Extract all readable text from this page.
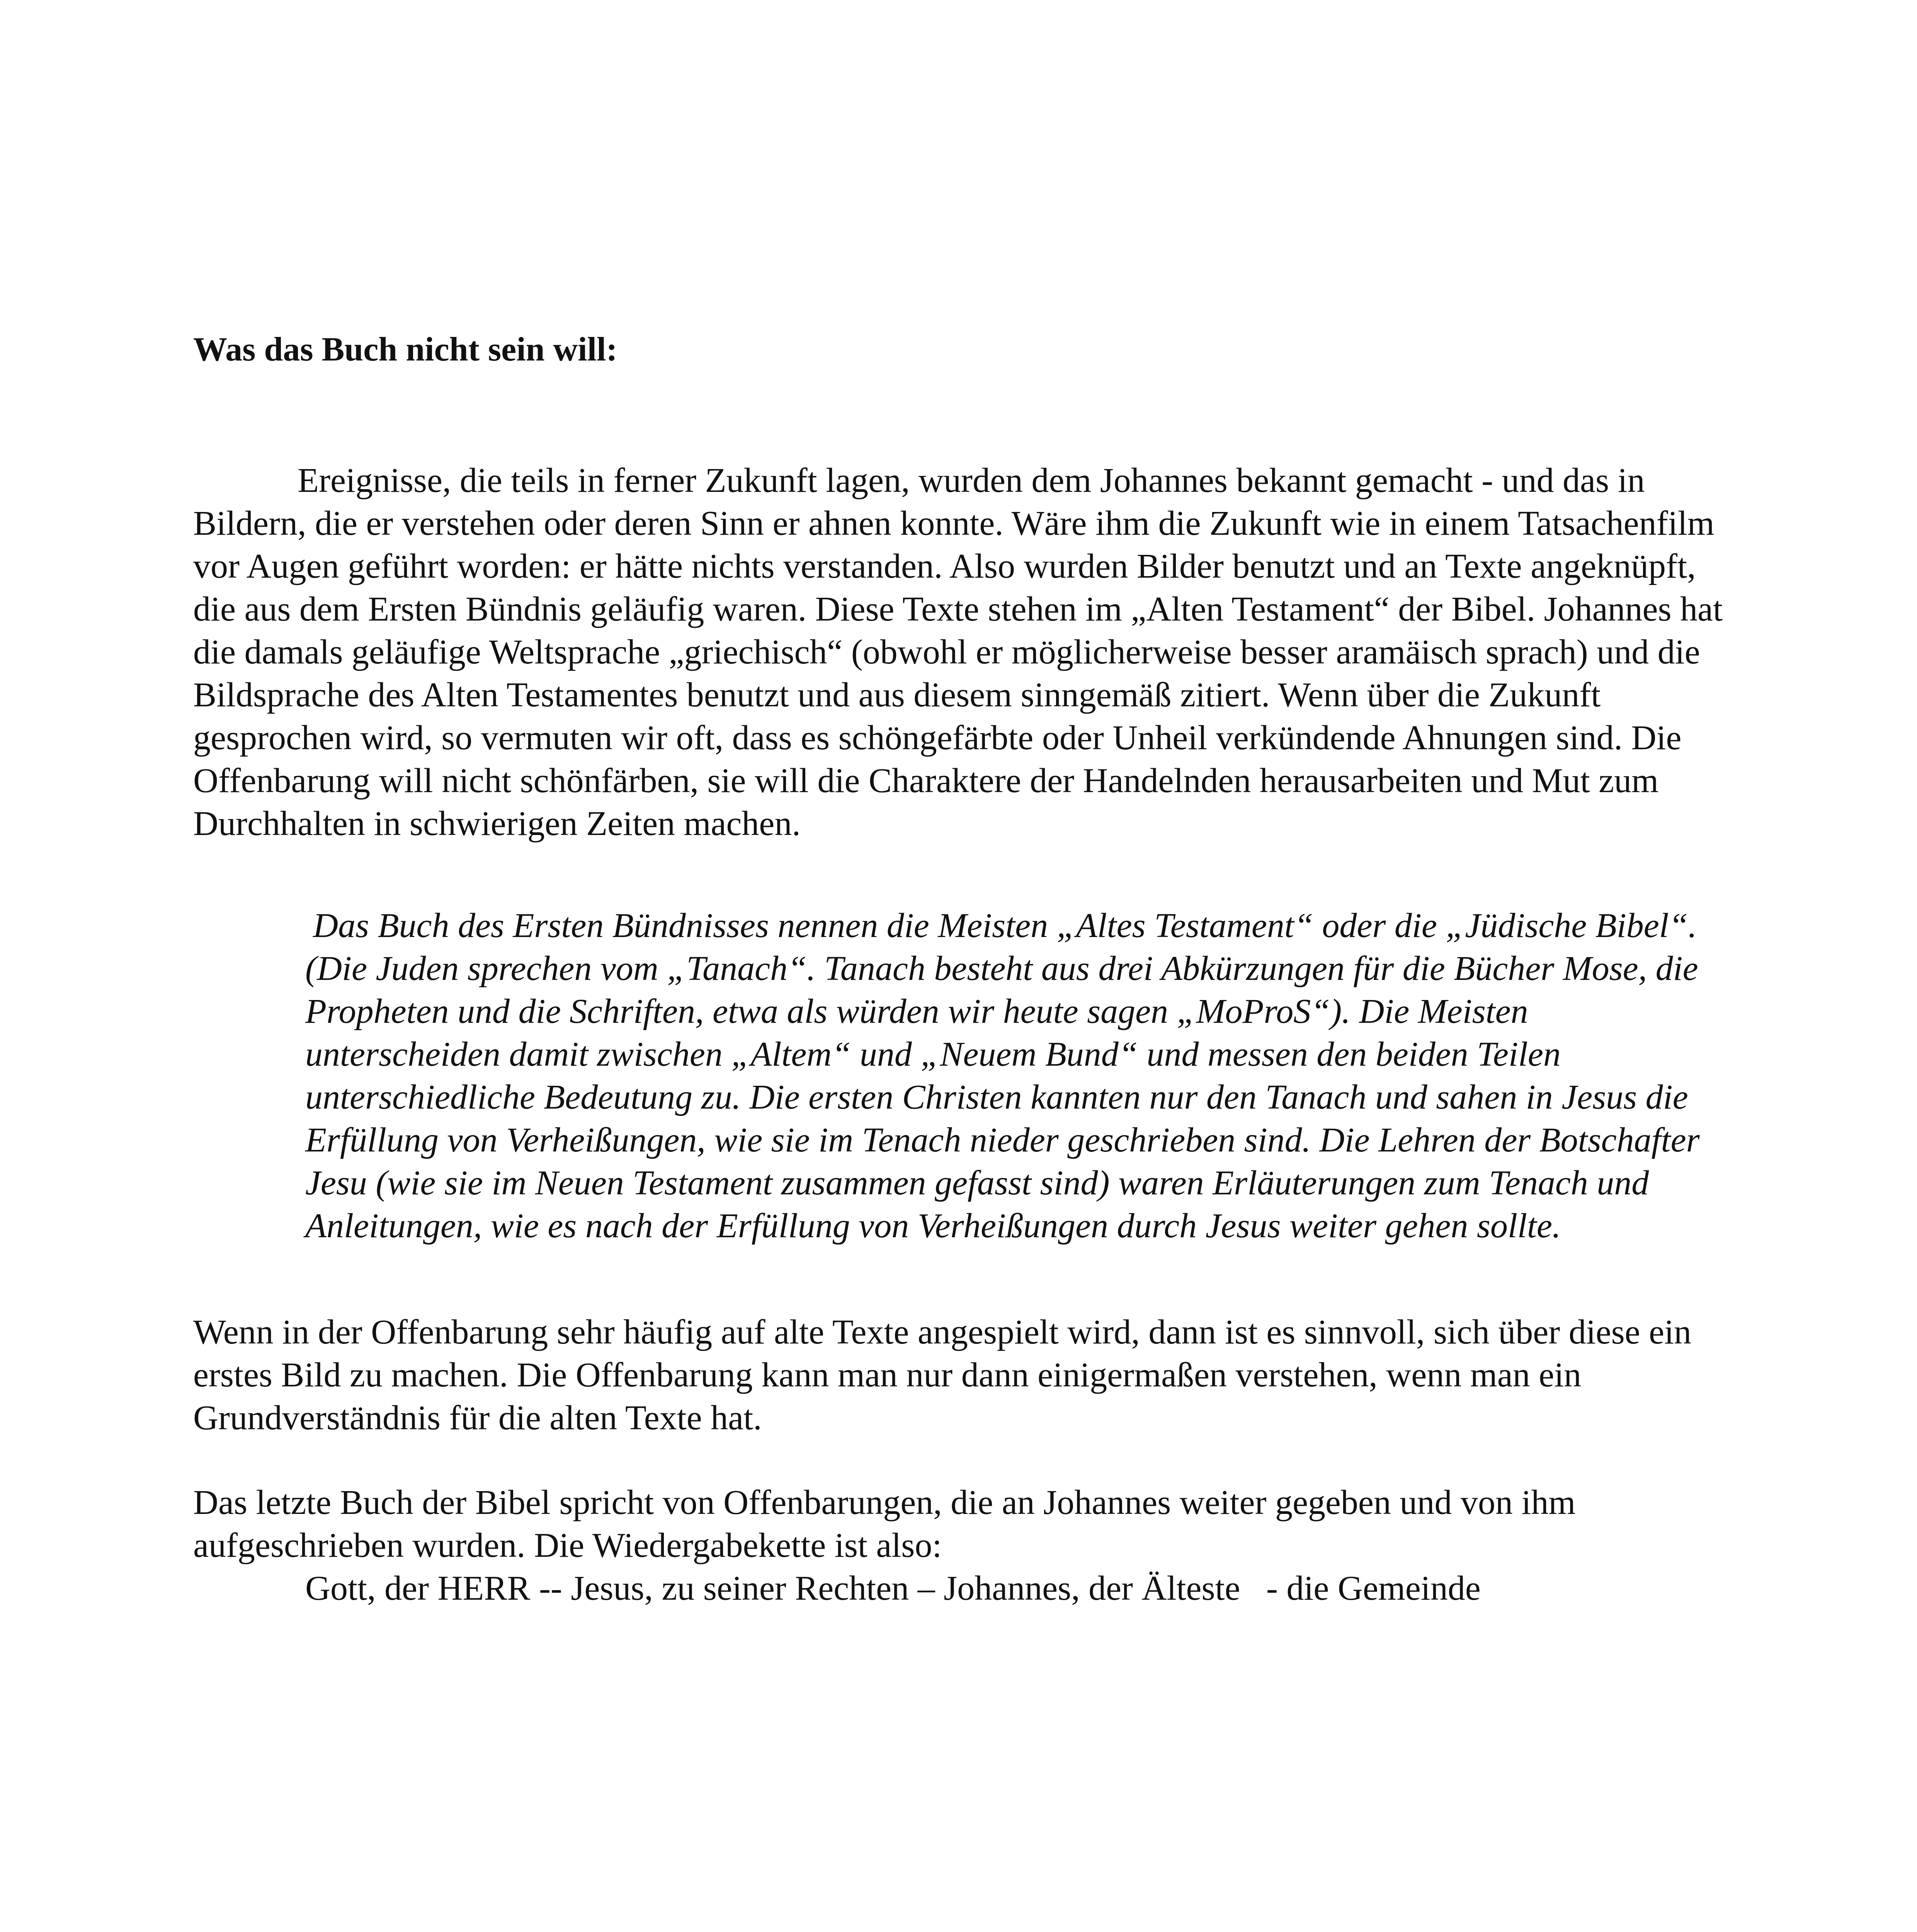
Was das Buch nicht sein will:

Ereignisse, die teils in ferner Zukunft lagen, wurden dem Johannes bekannt gemacht - und das in Bildern, die er verstehen oder deren Sinn er ahnen konnte. Wäre ihm die Zukunft wie in einem Tatsachenfilm vor Augen geführt worden: er hätte nichts verstanden. Also wurden Bilder benutzt und an Texte angeknüpft, die aus dem Ersten Bündnis geläufig waren. Diese Texte stehen im „Alten Testament“ der Bibel. Johannes hat die damals geläufige Weltsprache „griechisch“ (obwohl er möglicherweise besser aramäisch sprach) und die Bildsprache des Alten Testamentes benutzt und aus diesem sinngemäß zitiert. Wenn über die Zukunft gesprochen wird, so vermuten wir oft, dass es schöngefärbte oder Unheil verkündende Ahnungen sind. Die Offenbarung will nicht schönfärben, sie will die Charaktere der Handelnden herausarbeiten und Mut zum Durchhalten in schwierigen Zeiten machen.

Das Buch des Ersten Bündnisses nennen die Meisten „Altes Testament“ oder die „Jüdische Bibel“. (Die Juden sprechen vom „Tanach“. Tanach besteht aus drei Abkürzungen für die Bücher Mose, die Propheten und die Schriften, etwa als würden wir heute sagen „MoProS“). Die Meisten unterscheiden damit zwischen „Altem“ und „Neuem Bund“ und messen den beiden Teilen unterschiedliche Bedeutung zu. Die ersten Christen kannten nur den Tanach und sahen in Jesus die Erfüllung von Verheißungen, wie sie im Tenach nieder geschrieben sind. Die Lehren der Botschafter Jesu (wie sie im Neuen Testament zusammen gefasst sind) waren Erläuterungen zum Tenach und Anleitungen, wie es nach der Erfüllung von Verheißungen durch Jesus weiter gehen sollte.

Wenn in der Offenbarung sehr häufig auf alte Texte angespielt wird, dann ist es sinnvoll, sich über diese ein erstes Bild zu machen. Die Offenbarung kann man nur dann einigermaßen verstehen, wenn man ein Grundverständnis für die alten Texte hat.

Das letzte Buch der Bibel spricht von Offenbarungen, die an Johannes weiter gegeben und von ihm aufgeschrieben wurden. Die Wiedergabekette ist also:

Gott, der HERR -- Jesus, zu seiner Rechten – Johannes, der Älteste   - die Gemeinde
